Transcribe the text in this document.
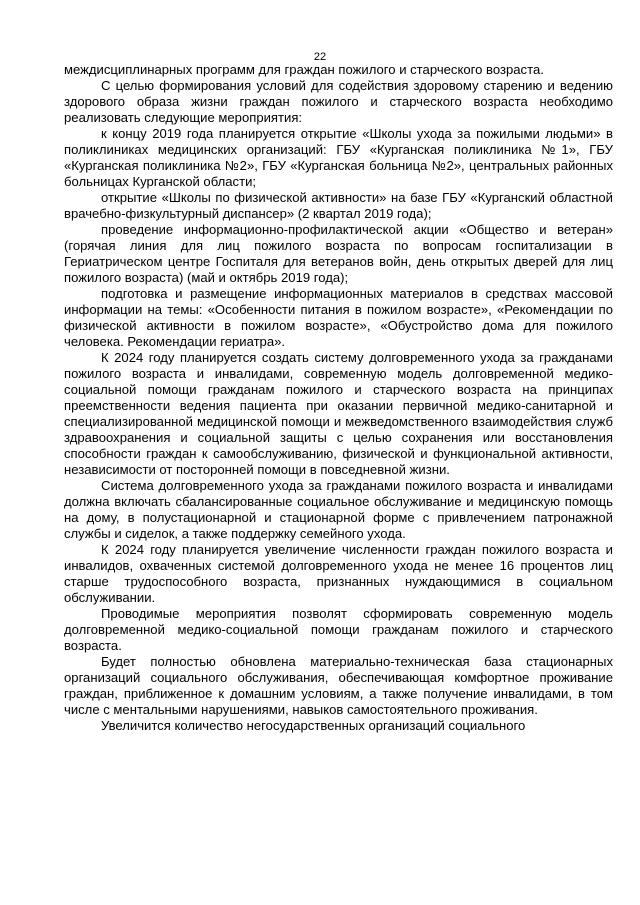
22

междисциплинарных программ для граждан пожилого и старческого возраста.

С целью формирования условий для содействия здоровому старению и ведению здорового образа жизни граждан пожилого и старческого возраста необходимо реализовать следующие мероприятия:

к концу 2019 года планируется открытие «Школы ухода за пожилыми людьми» в поликлиниках медицинских организаций: ГБУ «Курганская поликлиника №1», ГБУ «Курганская поликлиника №2», ГБУ «Курганская больница №2», центральных районных больницах Курганской области;

открытие «Школы по физической активности» на базе ГБУ «Курганский областной врачебно-физкультурный диспансер» (2 квартал 2019 года);

проведение информационно-профилактической акции «Общество и ветеран» (горячая линия для лиц пожилого возраста по вопросам госпитализации в Гериатрическом центре Госпиталя для ветеранов войн, день открытых дверей для лиц пожилого возраста) (май и октябрь 2019 года);

подготовка и размещение информационных материалов в средствах массовой информации на темы: «Особенности питания в пожилом возрасте», «Рекомендации по физической активности в пожилом возрасте», «Обустройство дома для пожилого человека. Рекомендации гериатра».

К 2024 году планируется создать систему долговременного ухода за гражданами пожилого возраста и инвалидами, современную модель долговременной медико-социальной помощи гражданам пожилого и старческого возраста на принципах преемственности ведения пациента при оказании первичной медико-санитарной и специализированной медицинской помощи и межведомственного взаимодействия служб здравоохранения и социальной защиты с целью сохранения или восстановления способности граждан к самообслуживанию, физической и функциональной активности, независимости от посторонней помощи в повседневной жизни.

Система долговременного ухода за гражданами пожилого возраста и инвалидами должна включать сбалансированные социальное обслуживание и медицинскую помощь на дому, в полустационарной и стационарной форме с привлечением патронажной службы и сиделок, а также поддержку семейного ухода.

К 2024 году планируется увеличение численности граждан пожилого возраста и инвалидов, охваченных системой долговременного ухода не менее 16 процентов лиц старше трудоспособного возраста, признанных нуждающимися в социальном обслуживании.

Проводимые мероприятия позволят сформировать современную модель долговременной медико-социальной помощи гражданам пожилого и старческого возраста.

Будет полностью обновлена материально-техническая база стационарных организаций социального обслуживания, обеспечивающая комфортное проживание граждан, приближенное к домашним условиям, а также получение инвалидами, в том числе с ментальными нарушениями, навыков самостоятельного проживания.

Увеличится количество негосударственных организаций социального
